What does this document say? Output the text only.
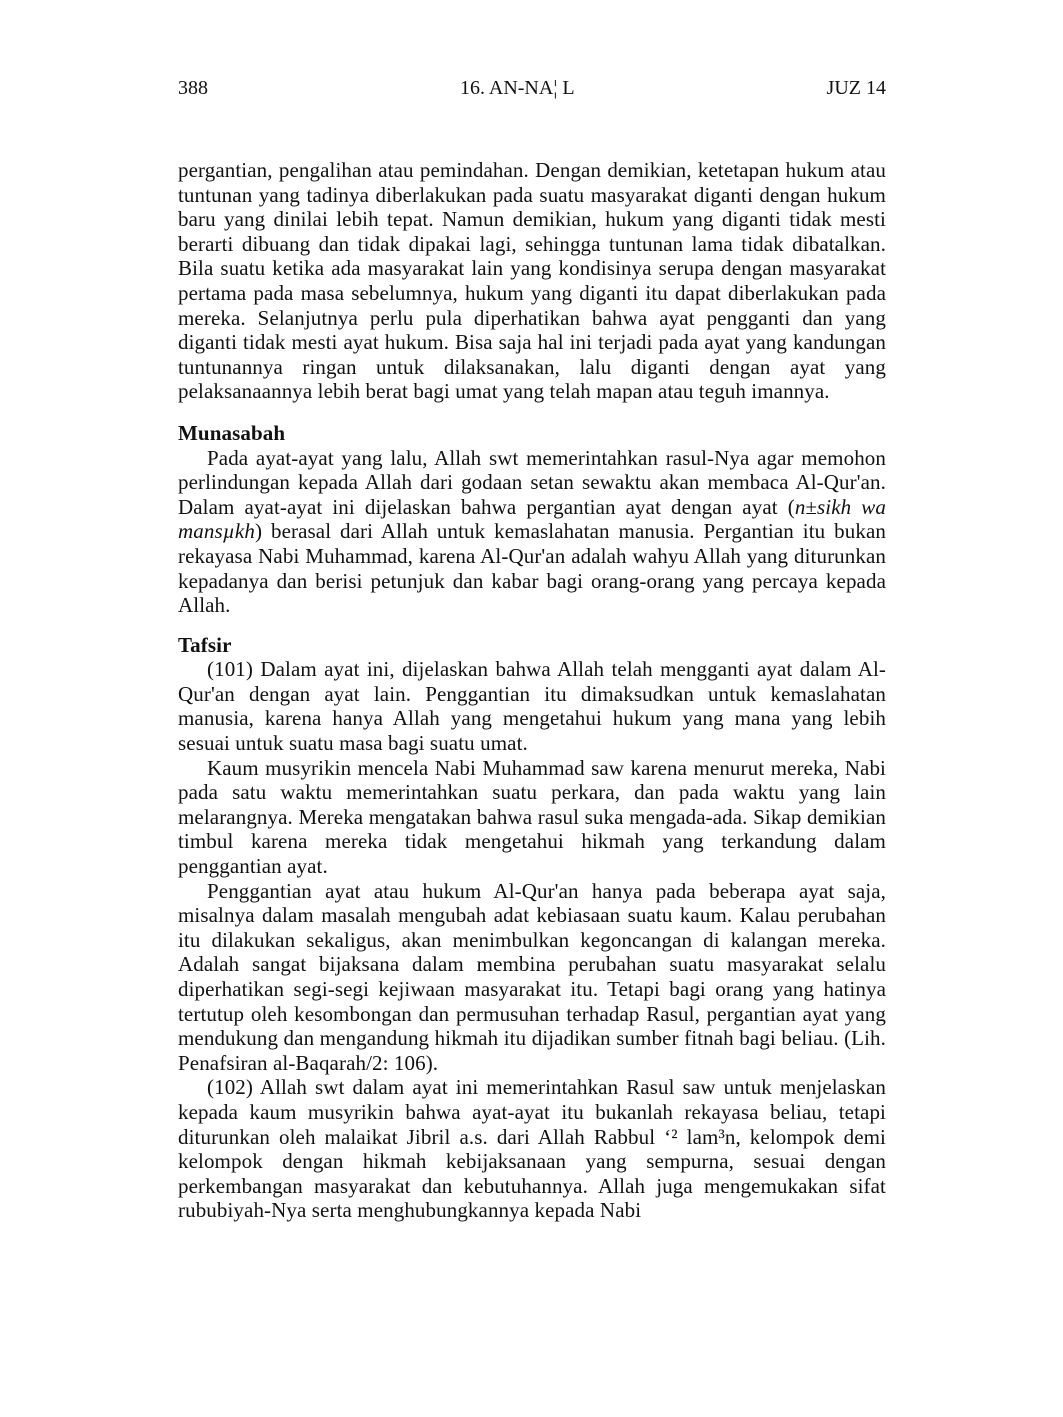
388	16. AN-NA¦ L	JUZ 14

pergantian, pengalihan atau pemindahan. Dengan demikian, ketetapan hukum atau tuntunan yang tadinya diberlakukan pada suatu masyarakat diganti dengan hukum baru yang dinilai lebih tepat. Namun demikian, hukum yang diganti tidak mesti berarti dibuang dan tidak dipakai lagi, sehingga tuntunan lama tidak dibatalkan. Bila suatu ketika ada masyarakat lain yang kondisinya serupa dengan masyarakat pertama pada masa sebelumnya, hukum yang diganti itu dapat diberlakukan pada mereka. Selanjutnya perlu pula diperhatikan bahwa ayat pengganti dan yang diganti tidak mesti ayat hukum. Bisa saja hal ini terjadi pada ayat yang kandungan tuntunannya ringan untuk dilaksanakan, lalu diganti dengan ayat yang pelaksanaannya lebih berat bagi umat yang telah mapan atau teguh imannya.

Munasabah

Pada ayat-ayat yang lalu, Allah swt memerintahkan rasul-Nya agar memohon perlindungan kepada Allah dari godaan setan sewaktu akan membaca Al-Qur'an. Dalam ayat-ayat ini dijelaskan bahwa pergantian ayat dengan ayat (n±sikh wa mansµkh) berasal dari Allah untuk kemaslahatan manusia. Pergantian itu bukan rekayasa Nabi Muhammad, karena Al-Qur'an adalah wahyu Allah yang diturunkan kepadanya dan berisi petunjuk dan kabar bagi orang-orang yang percaya kepada Allah.

Tafsir

(101) Dalam ayat ini, dijelaskan bahwa Allah telah mengganti ayat dalam Al-Qur'an dengan ayat lain. Penggantian itu dimaksudkan untuk kemaslahatan manusia, karena hanya Allah yang mengetahui hukum yang mana yang lebih sesuai untuk suatu masa bagi suatu umat.

Kaum musyrikin mencela Nabi Muhammad saw karena menurut mereka, Nabi pada satu waktu memerintahkan suatu perkara, dan pada waktu yang lain melarangnya. Mereka mengatakan bahwa rasul suka mengada-ada. Sikap demikian timbul karena mereka tidak mengetahui hikmah yang terkandung dalam penggantian ayat.

Penggantian ayat atau hukum Al-Qur'an hanya pada beberapa ayat saja, misalnya dalam masalah mengubah adat kebiasaan suatu kaum. Kalau perubahan itu dilakukan sekaligus, akan menimbulkan kegoncangan di kalangan mereka. Adalah sangat bijaksana dalam membina perubahan suatu masyarakat selalu diperhatikan segi-segi kejiwaan masyarakat itu. Tetapi bagi orang yang hatinya tertutup oleh kesombongan dan permusuhan terhadap Rasul, pergantian ayat yang mendukung dan mengandung hikmah itu dijadikan sumber fitnah bagi beliau. (Lih. Penafsiran al-Baqarah/2: 106).

(102) Allah swt dalam ayat ini memerintahkan Rasul saw untuk menjelaskan kepada kaum musyrikin bahwa ayat-ayat itu bukanlah rekayasa beliau, tetapi diturunkan oleh malaikat Jibril a.s. dari Allah Rabbul ‘² lam³n, kelompok demi kelompok dengan hikmah kebijaksanaan yang sempurna, sesuai dengan perkembangan masyarakat dan kebutuhannya. Allah juga mengemukakan sifat rububiyah-Nya serta menghubungkannya kepada Nabi
